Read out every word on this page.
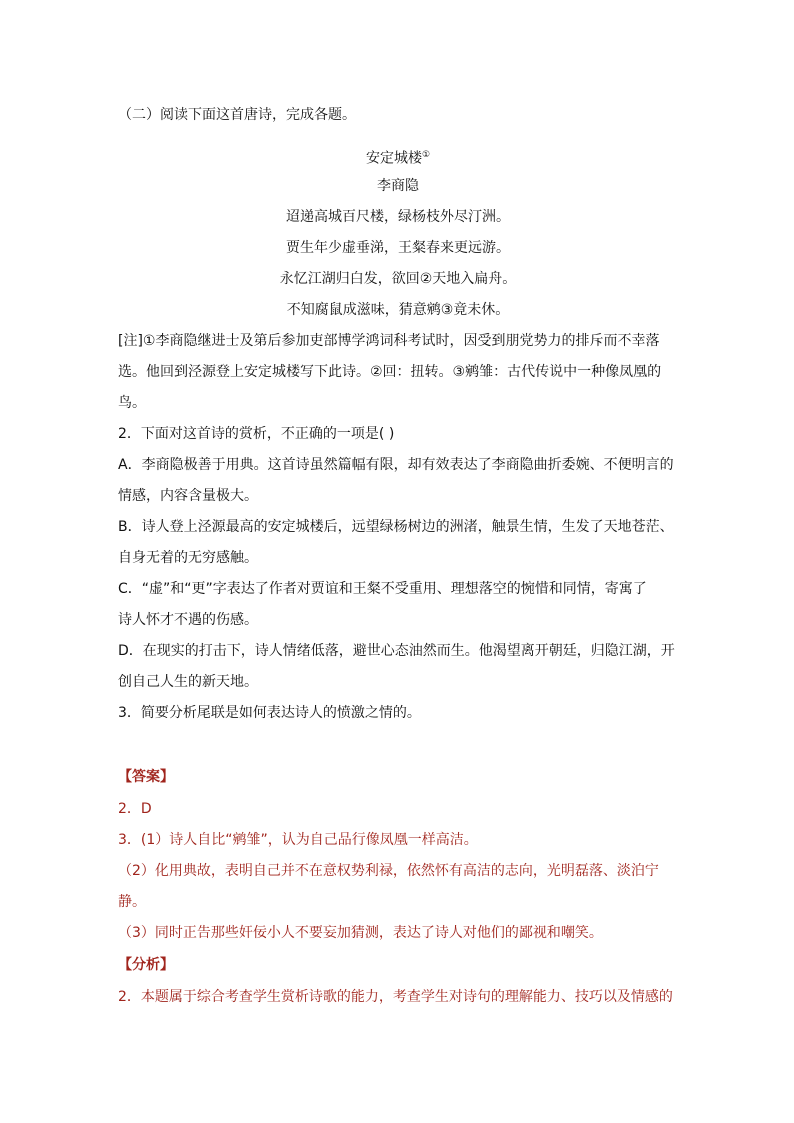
（二）阅读下面这首唐诗，完成各题。
安定城楼①
李商隐
迢递高城百尺楼，绿杨枝外尽汀洲。
贾生年少虚垂涕，王粲春来更远游。
永忆江湖归白发，欲回②天地入扁舟。
不知腐鼠成滋味，猜意鹓③竟未休。
[注]①李商隐继进士及第后参加吏部博学鸿词科考试时，因受到朋党势力的排斥而不幸落
选。他回到泾源登上安定城楼写下此诗。②回：扭转。③鹓雏：古代传说中一种像凤凰的
鸟。
2．下面对这首诗的赏析，不正确的一项是( )
A．李商隐极善于用典。这首诗虽然篇幅有限，却有效表达了李商隐曲折委婉、不便明言的
情感，内容含量极大。
B．诗人登上泾源最高的安定城楼后，远望绿杨树边的洲渚，触景生情，生发了天地苍茫、
自身无着的无穷感触。
C．“虚”和“更”字表达了作者对贾谊和王粲不受重用、理想落空的惋惜和同情，寄寓了
诗人怀才不遇的伤感。
D．在现实的打击下，诗人情绪低落，避世心态油然而生。他渴望离开朝廷，归隐江湖，开
创自己人生的新天地。
3．简要分析尾联是如何表达诗人的愤激之情的。
【答案】
2．D
3．(1）诗人自比“鹓雏”，认为自己品行像凤凰一样高洁。
（2）化用典故，表明自己并不在意权势利禄，依然怀有高洁的志向，光明磊落、淡泊宁
静。
（3）同时正告那些奸佞小人不要妄加猜测，表达了诗人对他们的鄙视和嘲笑。
【分析】
2．本题属于综合考查学生赏析诗歌的能力，考查学生对诗句的理解能力、技巧以及情感的
